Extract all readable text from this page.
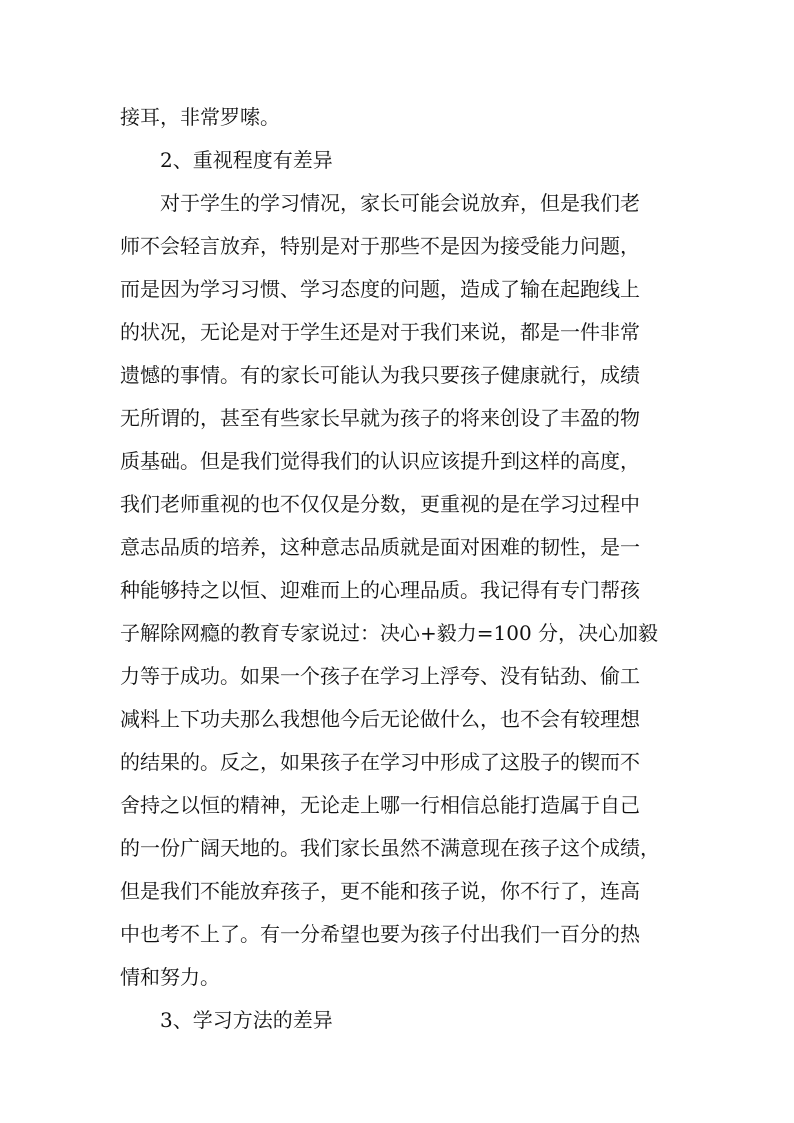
接耳，非常罗嗦。
2、重视程度有差异
对于学生的学习情况，家长可能会说放弃，但是我们老
师不会轻言放弃，特别是对于那些不是因为接受能力问题，
而是因为学习习惯、学习态度的问题，造成了输在起跑线上
的状况，无论是对于学生还是对于我们来说，都是一件非常
遗憾的事情。有的家长可能认为我只要孩子健康就行，成绩
无所谓的，甚至有些家长早就为孩子的将来创设了丰盈的物
质基础。但是我们觉得我们的认识应该提升到这样的高度，
我们老师重视的也不仅仅是分数，更重视的是在学习过程中
意志品质的培养，这种意志品质就是面对困难的韧性，是一
种能够持之以恒、迎难而上的心理品质。我记得有专门帮孩
子解除网瘾的教育专家说过：决心+毅力=100 分，决心加毅
力等于成功。如果一个孩子在学习上浮夸、没有钻劲、偷工
减料上下功夫那么我想他今后无论做什么，也不会有较理想
的结果的。反之，如果孩子在学习中形成了这股子的锲而不
舍持之以恒的精神，无论走上哪一行相信总能打造属于自己
的一份广阔天地的。我们家长虽然不满意现在孩子这个成绩，
但是我们不能放弃孩子，更不能和孩子说，你不行了，连高
中也考不上了。有一分希望也要为孩子付出我们一百分的热
情和努力。
3、学习方法的差异
